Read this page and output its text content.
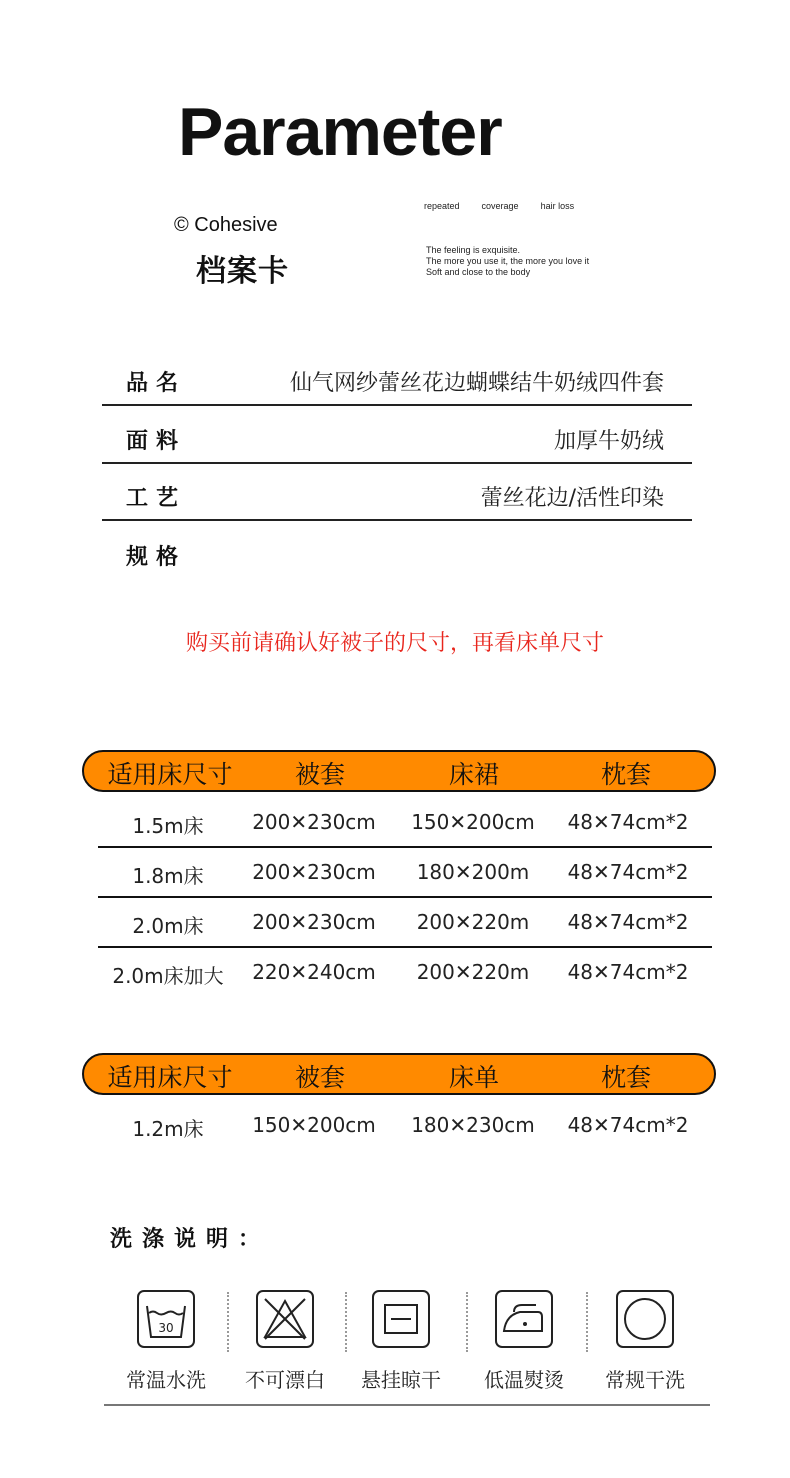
Parameter
© Cohesive
档案卡
repeated coverage hair loss
The feeling is exquisite.
The more you use it, the more you love it
Soft and close to the body
品名	仙气网纱蕾丝花边蝴蝶结牛奶绒四件套
面料	加厚牛奶绒
工艺	蕾丝花边/活性印染
规格
购买前请确认好被子的尺寸，再看床单尺寸
适用床尺寸	被套	床裙	枕套
1.5m床	200✕230cm	150✕200cm	48✕74cm*2
1.8m床	200✕230cm	180✕200m	48✕74cm*2
2.0m床	200✕230cm	200✕220m	48✕74cm*2
2.0m床加大	220✕240cm	200✕220m	48✕74cm*2
适用床尺寸	被套	床单	枕套
1.2m床	150✕200cm	180✕230cm	48✕74cm*2
洗涤说明：
30
常温水洗	不可漂白	悬挂晾干	低温熨烫	常规干洗
